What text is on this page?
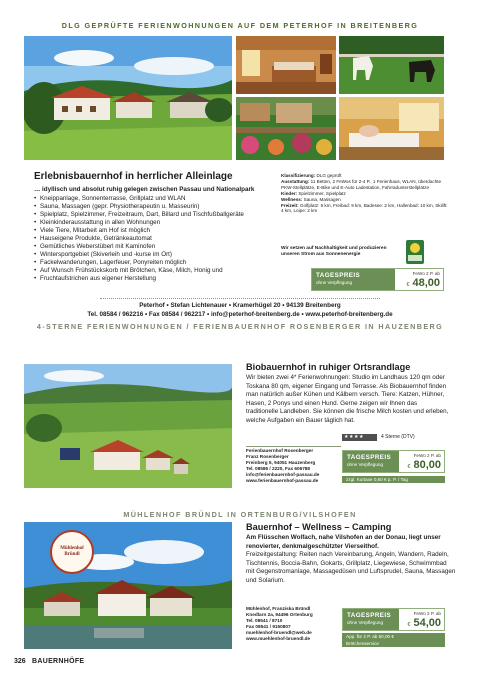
DLG GEPRÜFTE FERIENWOHNUNGEN AUF DEM PETERHOF IN BREITENBERG
Erlebnisbauernhof in herrlicher Alleinlage
… idyllisch und absolut ruhig gelegen zwischen Passau und Nationalpark
• Kneippanlage, Sonnenterrasse, Grillplatz und WLAN
• Sauna, Massagen (gepr. Physiotherapeutin u. Masseurin)
• Spielplatz, Spielzimmer, Freizeitraum, Dart, Billard und Tischfußballgeräte
• Kleinkinderausstattung in allen Wohnungen
• Viele Tiere, Mitarbeit am Hof ist möglich
• Hauseigene Produkte, Getränkeautomat
• Gemütliches Weberstüberl mit Kaminofen
• Wintersportgebiet (Skiverleih und -kurse im Ort)
• Fackelwanderungen, Lagerfeuer, Ponyreiten möglich
• Auf Wunsch Frühstückskorb mit Brötchen, Käse, Milch, Honig und
• Fruchtaufstrichen aus eigener Herstellung
Klassifizierung: DLG geprüft
Ausstattung: 11 Betten, 2 FeWos für 2-4 P., 1 Ferienhaus, WLAN, überdachte PKW-Stellplätze, E-Bike und E-Auto Ladestation, Fahrradunterstellplätze
Kinder: Spielzimmer, Spielplatz
Wellness: Sauna, Massagen
Freizeit: Golfplatz: 5 km, Freibad: 9 km, Badesee: 2 km, Hallenbad: 10 km, Skilift: 4 km, Loipe: 2 km
Wir setzen auf Nachhaltigkeit und produzieren unseren Strom aus Sonnenenergie
TAGESPREIS
ohne Verpflegung
FeWo 2 P. ab
€ 48,00
Peterhof • Stefan Lichtenauer • Kramerhügel 20 • 94139 Breitenberg
Tel. 08584 / 962216 • Fax 08584 / 962217 • info@peterhof-breitenberg.de • www.peterhof-breitenberg.de
4-STERNE FERIENWOHNUNGEN / FERIENBAUERNHOF ROSENBERGER IN HAUZENBERG
Biobauernhof in ruhiger Ortsrandlage
Wir bieten zwei 4* Ferienwohnungen: Studio im Landhaus 120 qm oder Toskana 80 qm, eigener Eingang und Terrasse. Als Biobauernhof finden man natürlich außer Kühen und Kälbern versch. Tiere: Katzen, Hühner, Hasen, 2 Ponys und einen Hund. Gerne zeigen wir Ihnen das traditionelle Landleben. Sie können die frische Milch kosten und erleben, welche Aufgaben ein Bauer täglich hat.
★★★★	4 Sterne (DTV)
Ferienbauernhof Rosenberger
Franz Rosenberger
Freinberg 5, 94051 Hauzenberg
Tel. 08586 / 2220, Fax 606788
info@ferienbauernhof-passau.de
www.ferienbauernhof-passau.de
TAGESPREIS
ohne Verpflegung
FeWo 2 P. ab
€ 80,00
zzgl. Kurtaxe 0,60 € p. P. / Tag
MÜHLENHOF BRÜNDL IN ORTENBURG/VILSHOFEN
Mühlenhof Bründl
Bauernhof – Wellness – Camping
Am Flüsschen Wolfach, nahe Vilshofen an der Donau, liegt unser renovierter, denkmalgeschützter Vierseithof.
Freizeitgestaltung: Reiten nach Vereinbarung, Angeln, Wandern, Radeln, Tischtennis, Boccia-Bahn, Gokarts, Grillplatz, Liegewiese, Schwimmbad mit Gegenstromanlage, Massagedüsen und Luftsprudel, Sauna, Massagen und Solarium.
Mühlenhof, Franziska Bründl
Knedlarn 2a, 94496 Ortenburg
Tel. 08541 / 8710
Fax 08541 / 9150807
muehlenhof-bruendl@web.de
www.muehlenhof-bruendl.de
TAGESPREIS
ohne Verpflegung
FeWo 2 P. ab
€ 54,00
App. für 2 P. ab 50,00 €
Brötchenservice
326 BAUERNHÖFE
